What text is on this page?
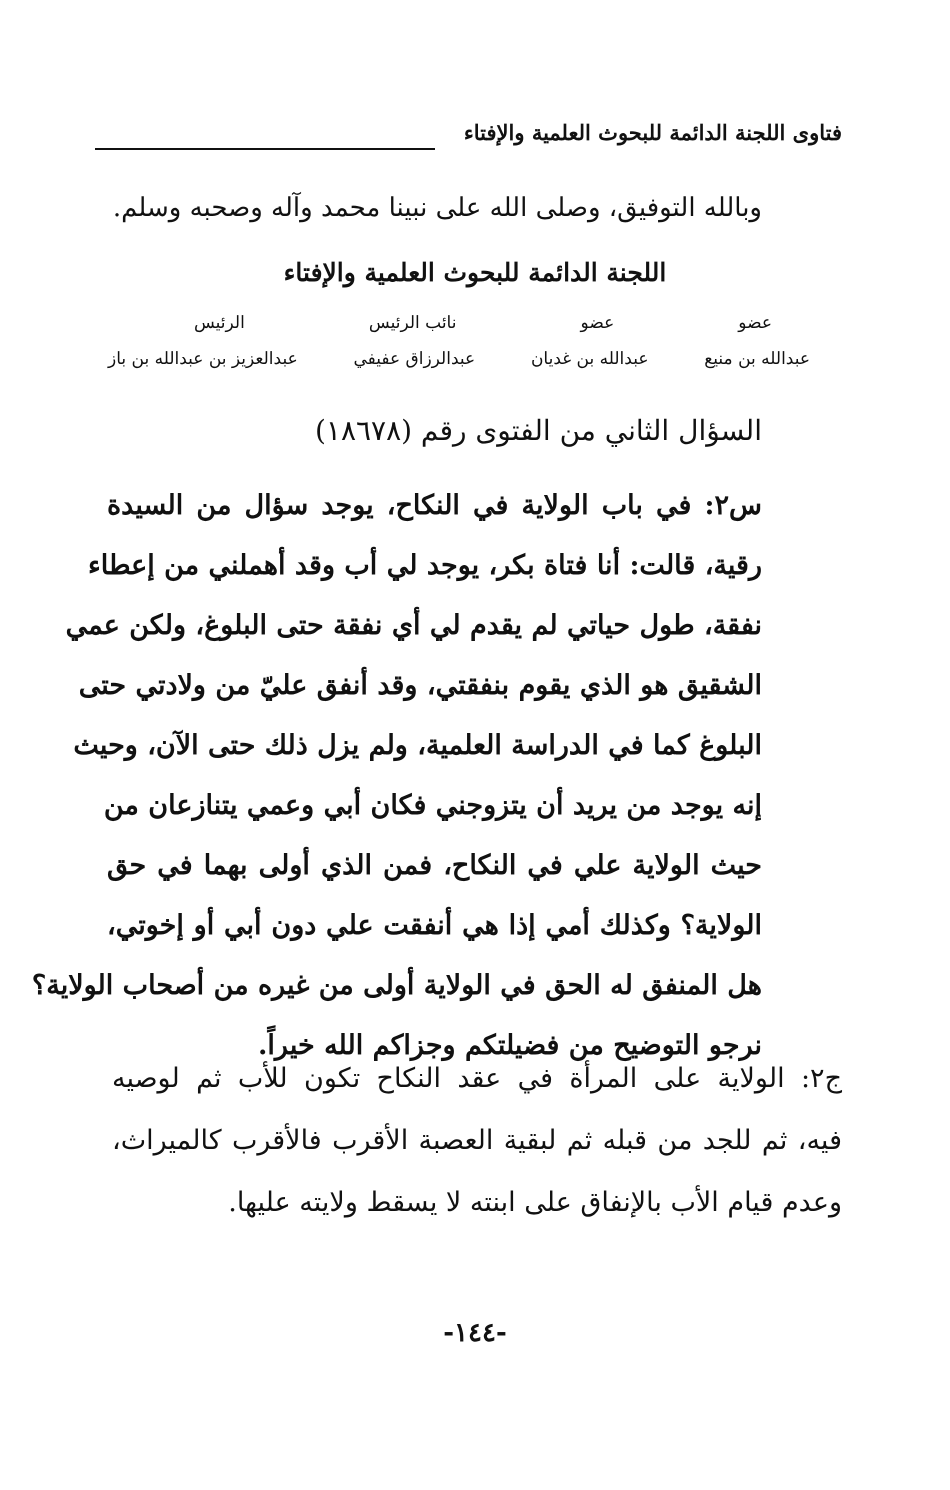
فتاوى اللجنة الدائمة للبحوث العلمية والإفتاء
وبالله التوفيق، وصلى الله على نبينا محمد وآله وصحبه وسلم.
اللجنة الدائمة للبحوث العلمية والإفتاء
عضو
عضو
نائب الرئيس
الرئيس
عبدالله بن منيع
عبدالله بن غديان
عبدالرزاق عفيفي
عبدالعزيز بن عبدالله بن باز
السؤال الثاني من الفتوى رقم (١٨٦٧٨)
س٢: في باب الولاية في النكاح، يوجد سؤال من السيدة
رقية، قالت: أنا فتاة بكر، يوجد لي أب وقد أهملني من إعطاء
نفقة، طول حياتي لم يقدم لي أي نفقة حتى البلوغ، ولكن عمي
الشقيق هو الذي يقوم بنفقتي، وقد أنفق عليّ من ولادتي حتى
البلوغ كما في الدراسة العلمية، ولم يزل ذلك حتى الآن، وحيث
إنه يوجد من يريد أن يتزوجني فكان أبي وعمي يتنازعان من
حيث الولاية علي في النكاح، فمن الذي أولى بهما في حق
الولاية؟ وكذلك أمي إذا هي أنفقت علي دون أبي أو إخوتي،
هل المنفق له الحق في الولاية أولى من غيره من أصحاب الولاية؟
نرجو التوضيح من فضيلتكم وجزاكم الله خيراً.
ج٢: الولاية على المرأة في عقد النكاح تكون للأب ثم لوصيه
فيه، ثم للجد من قبله ثم لبقية العصبة الأقرب فالأقرب كالميراث،
وعدم قيام الأب بالإنفاق على ابنته لا يسقط ولايته عليها.
-١٤٤-
